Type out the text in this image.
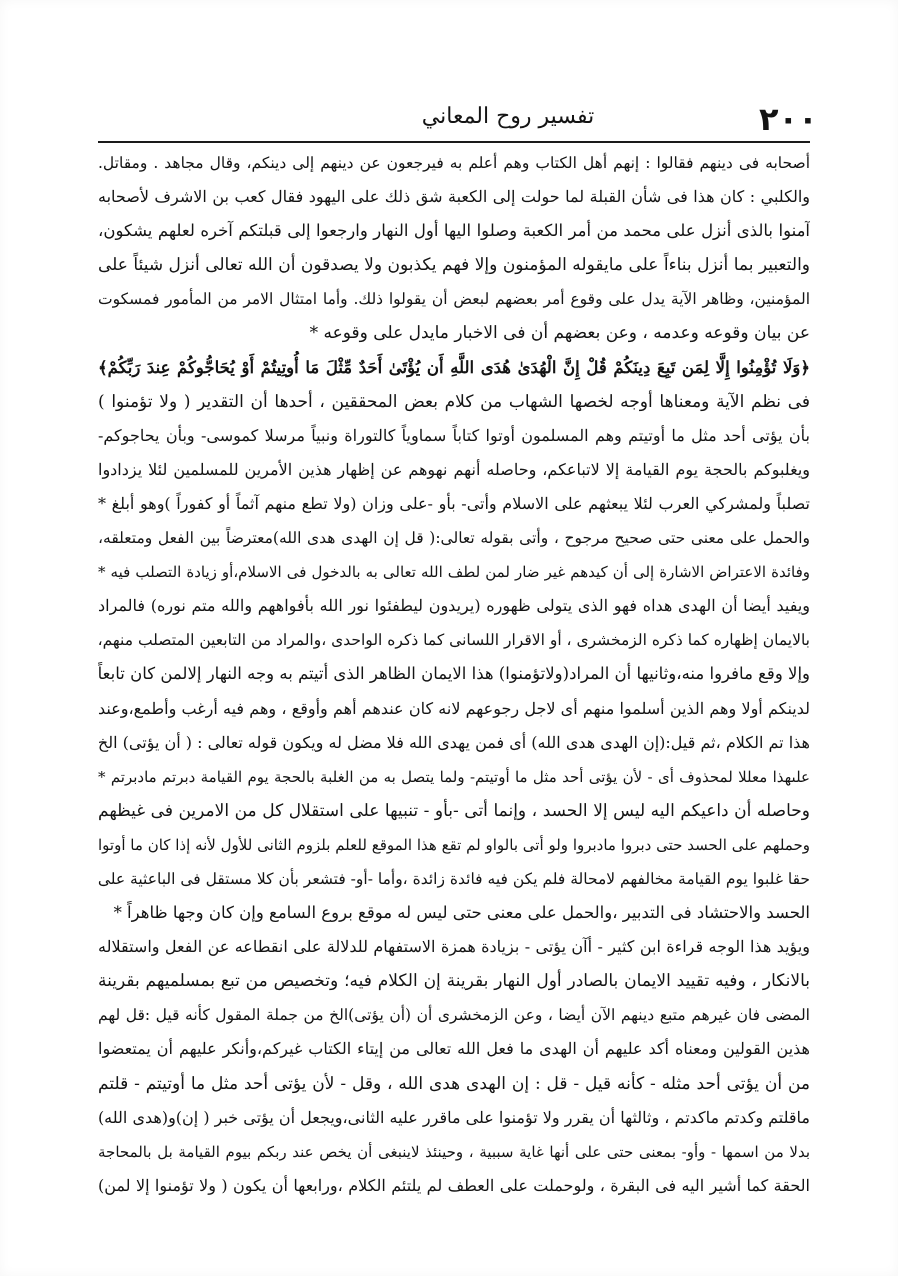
٢٠٠
تفسير روح المعاني
أصحابه فى دينهم فقالوا : إنهم أهل الكتاب وهم أعلم به فيرجعون عن دينهم إلى دينكم، وقال مجاهد . ومقاتل.
والكلبي : كان هذا فى شأن القبلة لما حولت إلى الكعبة شق ذلك على اليهود فقال كعب بن الاشرف لأصحابه
آمنوا بالذى أنزل على محمد من أمر الكعبة وصلوا اليها أول النهار وارجعوا إلى قبلتكم آخره لعلهم يشكون،
والتعبير بما أنزل بناءاً على مايقوله المؤمنون وإلا فهم يكذبون ولا يصدقون أن الله تعالى أنزل شيئاً على
المؤمنين، وظاهر الآية يدل على وقوع أمر بعضهم لبعض أن يقولوا ذلك. وأما امتثال الامر من المأمور فمسكوت
عن بيان وقوعه وعدمه ، وعن بعضهم أن فى الاخبار مايدل على وقوعه *
﴿وَلَا تُؤْمِنُوا إِلَّا لِمَن تَبِعَ دِينَكُمْ قُلْ إِنَّ الْهُدَىٰ هُدَى اللَّهِ أَن يُؤْتَىٰ أَحَدٌ مِّثْلَ مَا أُوتِيتُمْ أَوْ يُحَاجُّوكُمْ عِندَ رَبِّكُمْ﴾
فى نظم الآية ومعناها أوجه لخصها الشهاب من كلام بعض المحققين ، أحدها أن التقدير ( ولا تؤمنوا )
بأن يؤتى أحد مثل ما أوتيتم وهم المسلمون أوتوا كتاباً سماوياً كالتوراة ونبياً مرسلا كموسى- وبأن يحاجوكم-
ويغلبوكم بالحجة يوم القيامة إلا لاتباعكم، وحاصله أنهم نهوهم عن إظهار هذين الأمرين للمسلمين لئلا يزدادوا
تصلباً ولمشركي العرب لئلا يبعثهم على الاسلام وأتى- بأو -على وزان (ولا تطع منهم آثماً أو كفوراً )وهو أبلغ *
والحمل على معنى حتى صحيح مرجوح ، وأتى بقوله تعالى:( قل إن الهدى هدى الله)معترضاً بين الفعل ومتعلقه،
وفائدة الاعتراض الاشارة إلى أن كيدهم غير ضار لمن لطف الله تعالى به بالدخول فى الاسلام،أو زيادة التصلب فيه *
ويفيد أيضا أن الهدى هداه فهو الذى يتولى ظهوره (يريدون ليطفئوا نور الله بأفواههم والله متم نوره) فالمراد
بالايمان إظهاره كما ذكره الزمخشرى ، أو الاقرار اللسانى كما ذكره الواحدى ،والمراد من التابعين المتصلب منهم،
وإلا وقع مافروا منه،وثانيها أن المراد(ولاتؤمنوا) هذا الايمان الظاهر الذى أتيتم به وجه النهار إلالمن كان تابعاً
لدينكم أولا وهم الذين أسلموا منهم أى لاجل رجوعهم لانه كان عندهم أهم وأوقع ، وهم فيه أرغب وأطمع،وعند
هذا تم الكلام ،ثم قيل:(إن الهدى هدى الله) أى فمن يهدى الله فلا مضل له ويكون قوله تعالى : ( أن يؤتى) الخ
علىهذا معللا لمحذوف أى - لأن يؤتى أحد مثل ما أوتيتم- ولما يتصل به من الغلبة بالحجة يوم القيامة دبرتم مادبرتم *
وحاصله أن داعيكم اليه ليس إلا الحسد ، وإنما أتى -بأو - تنبيها على استقلال كل من الامرين فى غيظهم
وحملهم على الحسد حتى دبروا مادبروا ولو أتى بالواو لم تقع هذا الموقع للعلم بلزوم الثانى للأول لأنه إذا كان ما أوتوا
حقا غلبوا يوم القيامة مخالفهم لامحالة فلم يكن فيه فائدة زائدة ،وأما -أو- فتشعر بأن كلا مستقل فى الباعثية على
الحسد والاحتشاد فى التدبير ،والحمل على معنى حتى ليس له موقع بروع السامع وإن كان وجها ظاهراً *
ويؤيد هذا الوجه قراءة ابن كثير - أآن يؤتى - بزيادة همزة الاستفهام للدلالة على انقطاعه عن الفعل واستقلاله
بالانكار ، وفيه تقييد الايمان بالصادر أول النهار بقرينة إن الكلام فيه؛ وتخصيص من تبع بمسلميهم بقرينة
المضى فان غيرهم متبع دينهم الآن أيضا ، وعن الزمخشرى أن (أن يؤتى)الخ من جملة المقول كأنه قيل :قل لهم
هذين القولين ومعناه أكد عليهم أن الهدى ما فعل الله تعالى من إيتاء الكتاب غيركم،وأنكر عليهم أن يمتعضوا
من أن يؤتى أحد مثله - كأنه قيل - قل : إن الهدى هدى الله ، وقل - لأن يؤتى أحد مثل ما أوتيتم - قلتم
ماقلتم وكدتم ماكدتم ، وثالثها أن يقرر ولا تؤمنوا على ماقرر عليه الثانى،ويجعل أن يؤتى خبر ( إن)و(هدى الله)
بدلا من اسمها - وأو- بمعنى حتى على أنها غاية سببية ، وحينئذ لاينبغى أن يخص عند ربكم بيوم القيامة بل بالمحاجة
الحقة كما أشير اليه فى البقرة ، ولوحملت على العطف لم يلتئم الكلام ،ورابعها أن يكون ( ولا تؤمنوا إلا لمن)
